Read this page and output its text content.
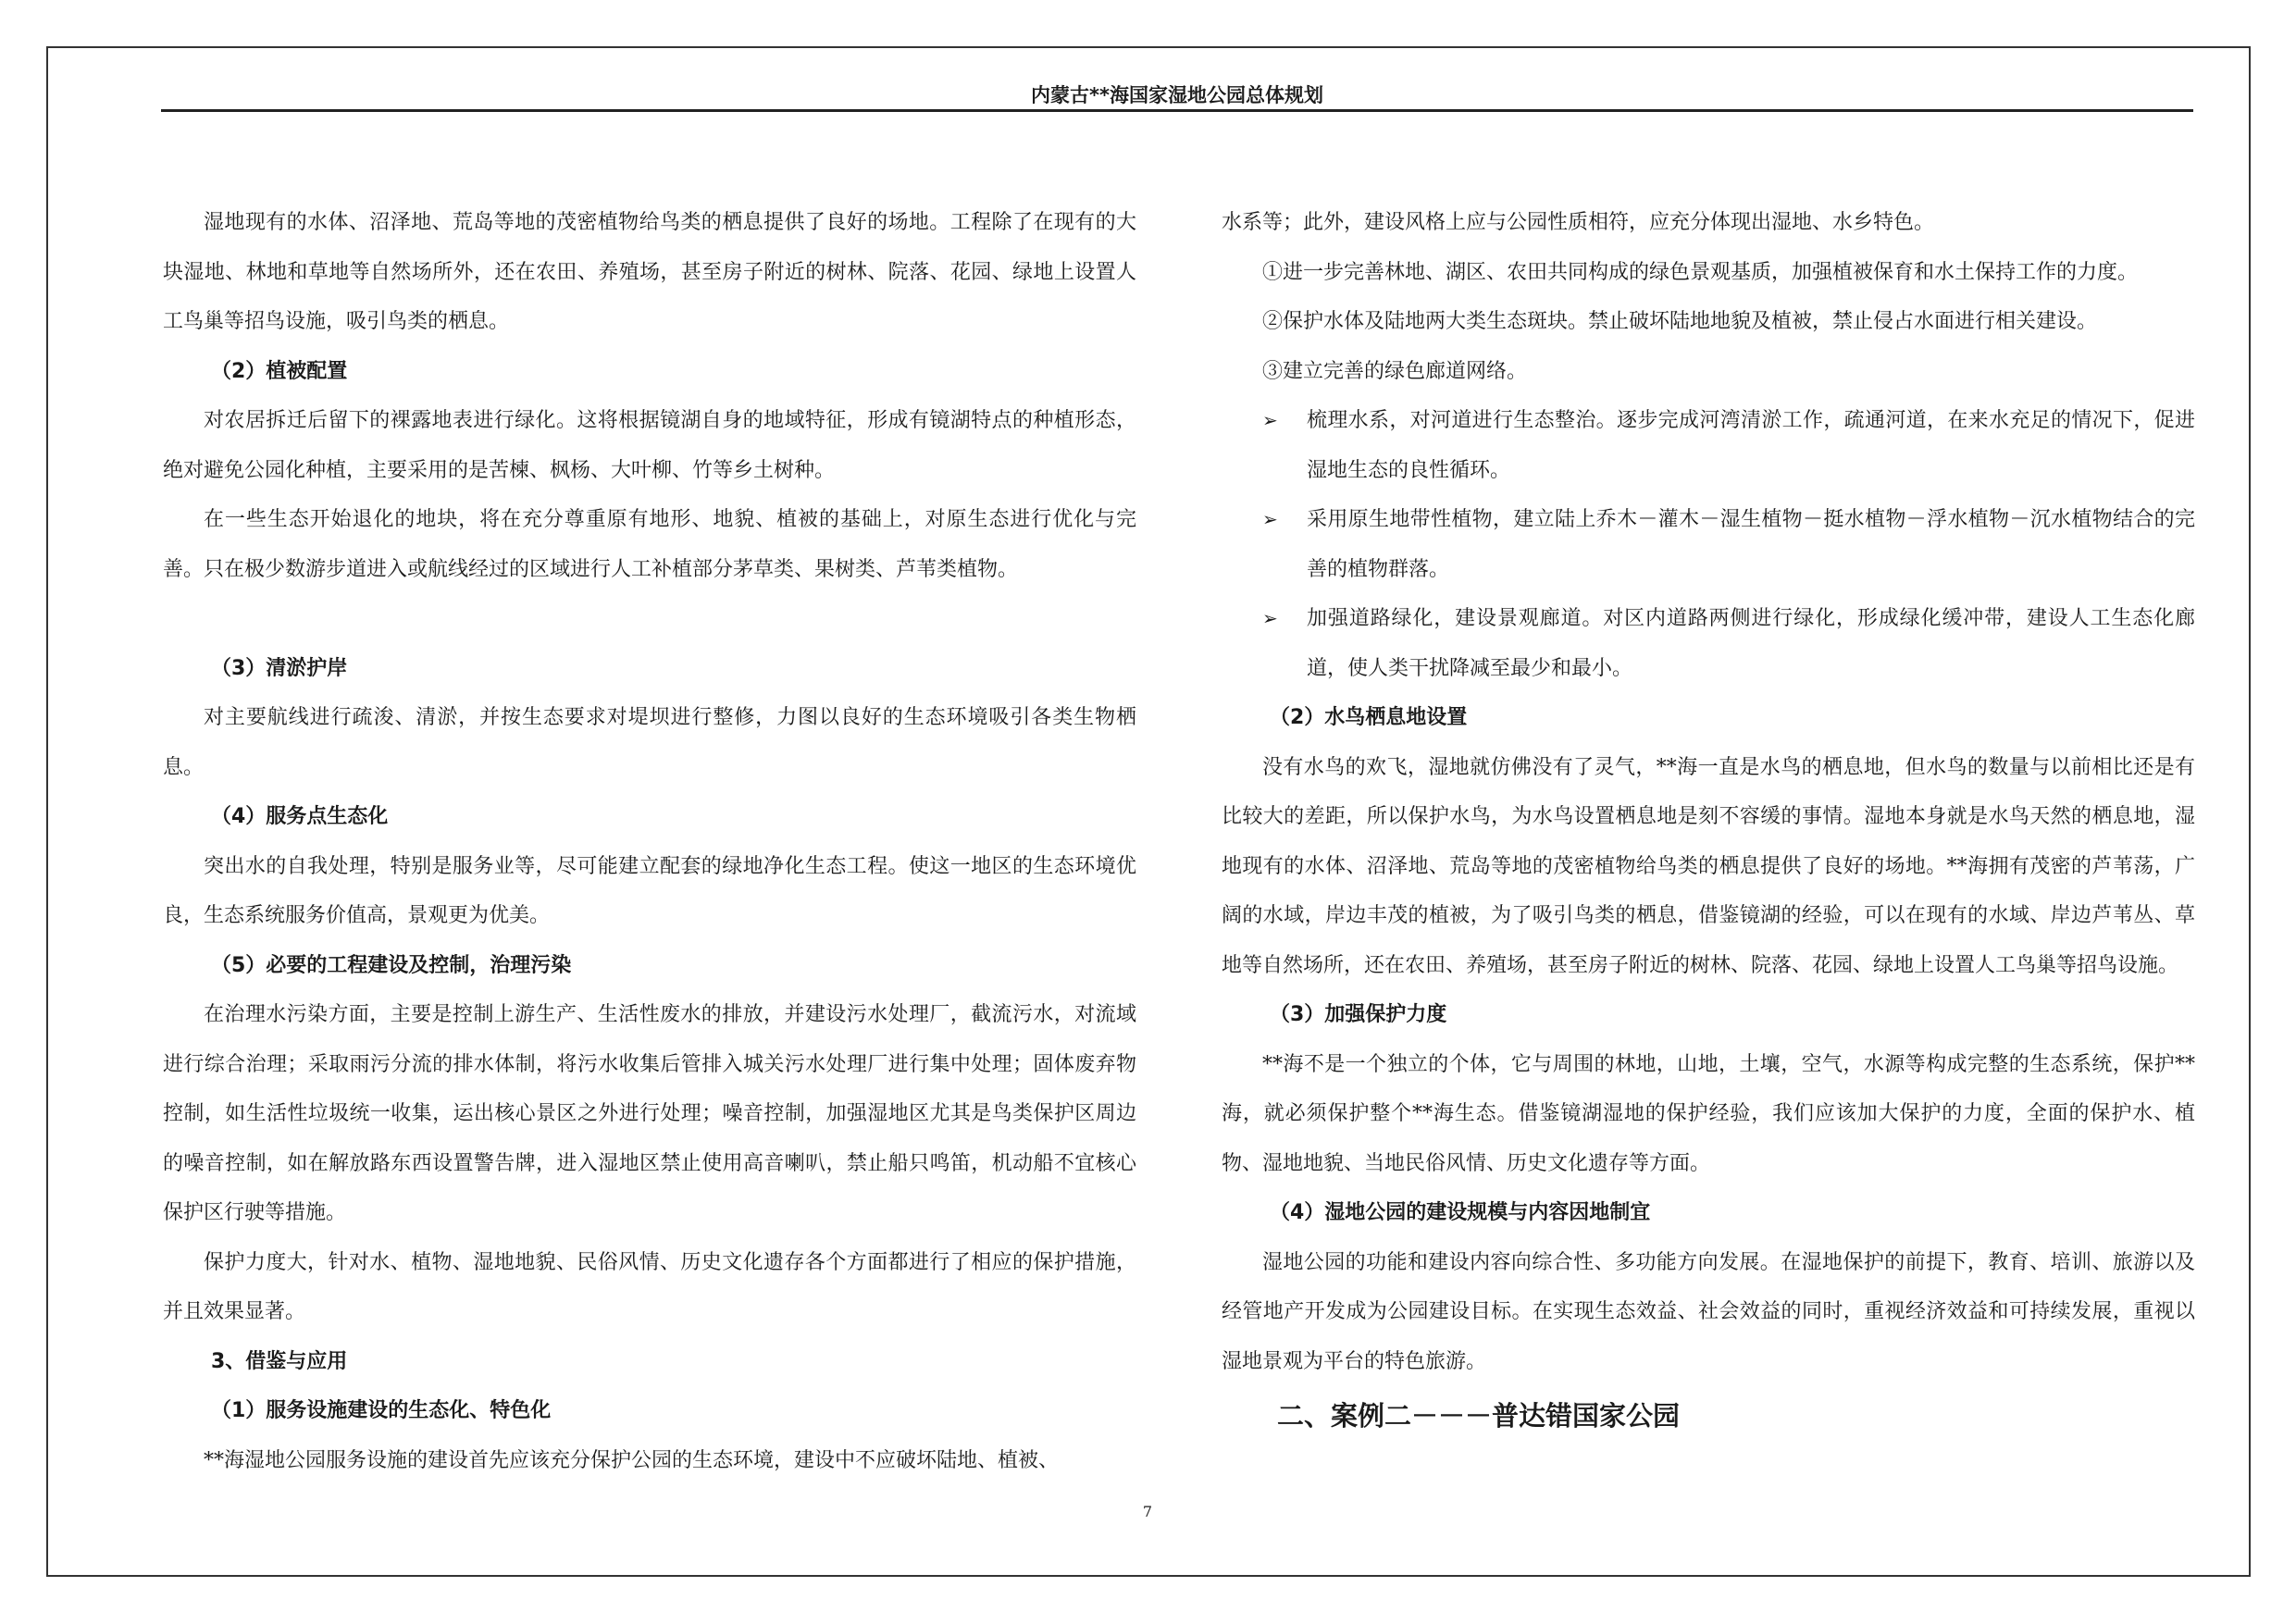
内蒙古**海国家湿地公园总体规划

湿地现有的水体、沼泽地、荒岛等地的茂密植物给鸟类的栖息提供了良好的场地。工程除了在现有的大块湿地、林地和草地等自然场所外，还在农田、养殖场，甚至房子附近的树林、院落、花园、绿地上设置人工鸟巢等招鸟设施，吸引鸟类的栖息。

（2）植被配置

对农居拆迁后留下的裸露地表进行绿化。这将根据镜湖自身的地域特征，形成有镜湖特点的种植形态，绝对避免公园化种植，主要采用的是苦楝、枫杨、大叶柳、竹等乡土树种。

在一些生态开始退化的地块，将在充分尊重原有地形、地貌、植被的基础上，对原生态进行优化与完善。只在极少数游步道进入或航线经过的区域进行人工补植部分茅草类、果树类、芦苇类植物。

（3）清淤护岸

对主要航线进行疏浚、清淤，并按生态要求对堤坝进行整修，力图以良好的生态环境吸引各类生物栖息。

（4）服务点生态化

突出水的自我处理，特别是服务业等，尽可能建立配套的绿地净化生态工程。使这一地区的生态环境优良，生态系统服务价值高，景观更为优美。

（5）必要的工程建设及控制，治理污染

在治理水污染方面，主要是控制上游生产、生活性废水的排放，并建设污水处理厂，截流污水，对流域进行综合治理；采取雨污分流的排水体制，将污水收集后管排入城关污水处理厂进行集中处理；固体废弃物控制，如生活性垃圾统一收集，运出核心景区之外进行处理；噪音控制，加强湿地区尤其是鸟类保护区周边的噪音控制，如在解放路东西设置警告牌，进入湿地区禁止使用高音喇叭，禁止船只鸣笛，机动船不宜核心保护区行驶等措施。

保护力度大，针对水、植物、湿地地貌、民俗风情、历史文化遗存各个方面都进行了相应的保护措施，并且效果显著。

3、借鉴与应用

（1）服务设施建设的生态化、特色化

**海湿地公园服务设施的建设首先应该充分保护公园的生态环境，建设中不应破坏陆地、植被、

水系等；此外，建设风格上应与公园性质相符，应充分体现出湿地、水乡特色。

①进一步完善林地、湖区、农田共同构成的绿色景观基质，加强植被保育和水土保持工作的力度。

②保护水体及陆地两大类生态斑块。禁止破坏陆地地貌及植被，禁止侵占水面进行相关建设。

③建立完善的绿色廊道网络。

➢ 梳理水系，对河道进行生态整治。逐步完成河湾清淤工作，疏通河道，在来水充足的情况下，促进湿地生态的良性循环。

➢ 采用原生地带性植物，建立陆上乔木－灌木－湿生植物－挺水植物－浮水植物－沉水植物结合的完善的植物群落。

➢ 加强道路绿化，建设景观廊道。对区内道路两侧进行绿化，形成绿化缓冲带，建设人工生态化廊道，使人类干扰降减至最少和最小。

（2）水鸟栖息地设置

没有水鸟的欢飞，湿地就仿佛没有了灵气，**海一直是水鸟的栖息地，但水鸟的数量与以前相比还是有比较大的差距，所以保护水鸟，为水鸟设置栖息地是刻不容缓的事情。湿地本身就是水鸟天然的栖息地，湿地现有的水体、沼泽地、荒岛等地的茂密植物给鸟类的栖息提供了良好的场地。**海拥有茂密的芦苇荡，广阔的水域，岸边丰茂的植被，为了吸引鸟类的栖息，借鉴镜湖的经验，可以在现有的水域、岸边芦苇丛、草地等自然场所，还在农田、养殖场，甚至房子附近的树林、院落、花园、绿地上设置人工鸟巢等招鸟设施。

（3）加强保护力度

**海不是一个独立的个体，它与周围的林地，山地，土壤，空气，水源等构成完整的生态系统，保护**海，就必须保护整个**海生态。借鉴镜湖湿地的保护经验，我们应该加大保护的力度，全面的保护水、植物、湿地地貌、当地民俗风情、历史文化遗存等方面。

（4）湿地公园的建设规模与内容因地制宜

湿地公园的功能和建设内容向综合性、多功能方向发展。在湿地保护的前提下，教育、培训、旅游以及经管地产开发成为公园建设目标。在实现生态效益、社会效益的同时，重视经济效益和可持续发展，重视以湿地景观为平台的特色旅游。

二、案例二－－－普达错国家公园

7
